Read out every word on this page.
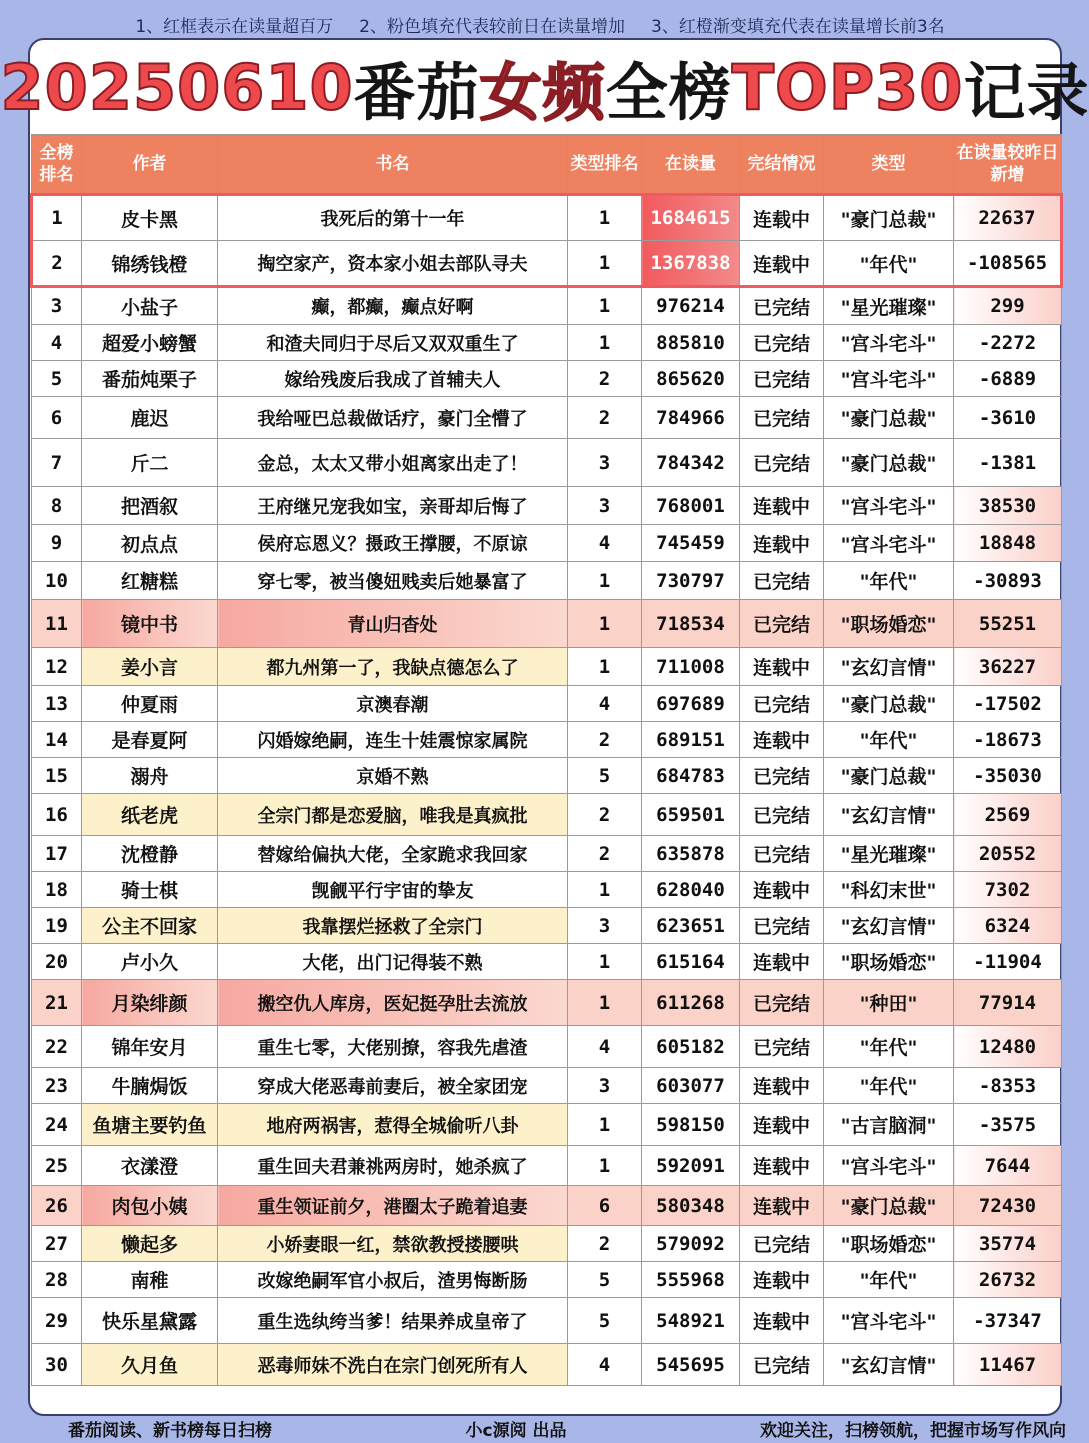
1、红框表示在读量超百万 2、粉色填充代表较前日在读量增加 3、红橙渐变填充代表在读量增长前3名
20250610 番茄 女频 全榜 TOP30 记录
全榜排名	作者	书名	类型排名	在读量	完结情况	类型	在读量较昨日新增
1	皮卡黑	我死后的第十一年	1	1684615	连载中	"豪门总裁"	22637
2	锦绣钱橙	掏空家产，资本家小姐去部队寻夫	1	1367838	连载中	"年代"	-108565
3	小盐子	癫，都癫，癫点好啊	1	976214	已完结	"星光璀璨"	299
4	超爱小螃蟹	和渣夫同归于尽后又双双重生了	1	885810	已完结	"宫斗宅斗"	-2272
5	番茄炖栗子	嫁给残废后我成了首辅夫人	2	865620	已完结	"宫斗宅斗"	-6889
6	鹿迟	我给哑巴总裁做话疗，豪门全懵了	2	784966	已完结	"豪门总裁"	-3610
7	斤二	金总，太太又带小姐离家出走了！	3	784342	已完结	"豪门总裁"	-1381
8	把酒叙	王府继兄宠我如宝，亲哥却后悔了	3	768001	连载中	"宫斗宅斗"	38530
9	初点点	侯府忘恩义？摄政王撑腰，不原谅	4	745459	连载中	"宫斗宅斗"	18848
10	红糖糕	穿七零，被当傻妞贱卖后她暴富了	1	730797	已完结	"年代"	-30893
11	镜中书	青山归杳处	1	718534	已完结	"职场婚恋"	55251
12	姜小言	都九州第一了，我缺点德怎么了	1	711008	连载中	"玄幻言情"	36227
13	仲夏雨	京澳春潮	4	697689	已完结	"豪门总裁"	-17502
14	是春夏阿	闪婚嫁绝嗣，连生十娃震惊家属院	2	689151	连载中	"年代"	-18673
15	溺舟	京婚不熟	5	684783	已完结	"豪门总裁"	-35030
16	纸老虎	全宗门都是恋爱脑，唯我是真疯批	2	659501	已完结	"玄幻言情"	2569
17	沈橙静	替嫁给偏执大佬，全家跪求我回家	2	635878	已完结	"星光璀璨"	20552
18	骑士棋	觊觎平行宇宙的挚友	1	628040	连载中	"科幻末世"	7302
19	公主不回家	我靠摆烂拯救了全宗门	3	623651	已完结	"玄幻言情"	6324
20	卢小久	大佬，出门记得装不熟	1	615164	连载中	"职场婚恋"	-11904
21	月染绯颜	搬空仇人库房，医妃挺孕肚去流放	1	611268	已完结	"种田"	77914
22	锦年安月	重生七零，大佬别撩，容我先虐渣	4	605182	已完结	"年代"	12480
23	牛腩焗饭	穿成大佬恶毒前妻后，被全家团宠	3	603077	连载中	"年代"	-8353
24	鱼塘主要钓鱼	地府两祸害，惹得全城偷听八卦	1	598150	连载中	"古言脑洞"	-3575
25	衣漾澄	重生回夫君兼祧两房时，她杀疯了	1	592091	连载中	"宫斗宅斗"	7644
26	肉包小姨	重生领证前夕，港圈太子跪着追妻	6	580348	连载中	"豪门总裁"	72430
27	懒起多	小娇妻眼一红，禁欲教授搂腰哄	2	579092	已完结	"职场婚恋"	35774
28	南稚	改嫁绝嗣军官小叔后，渣男悔断肠	5	555968	连载中	"年代"	26732
29	快乐星黛露	重生选纨绔当爹！结果养成皇帝了	5	548921	连载中	"宫斗宅斗"	-37347
30	久月鱼	恶毒师妹不洗白在宗门创死所有人	4	545695	已完结	"玄幻言情"	11467
番茄阅读、新书榜每日扫榜	小c源阅 出品	欢迎关注，扫榜领航，把握市场写作风向
